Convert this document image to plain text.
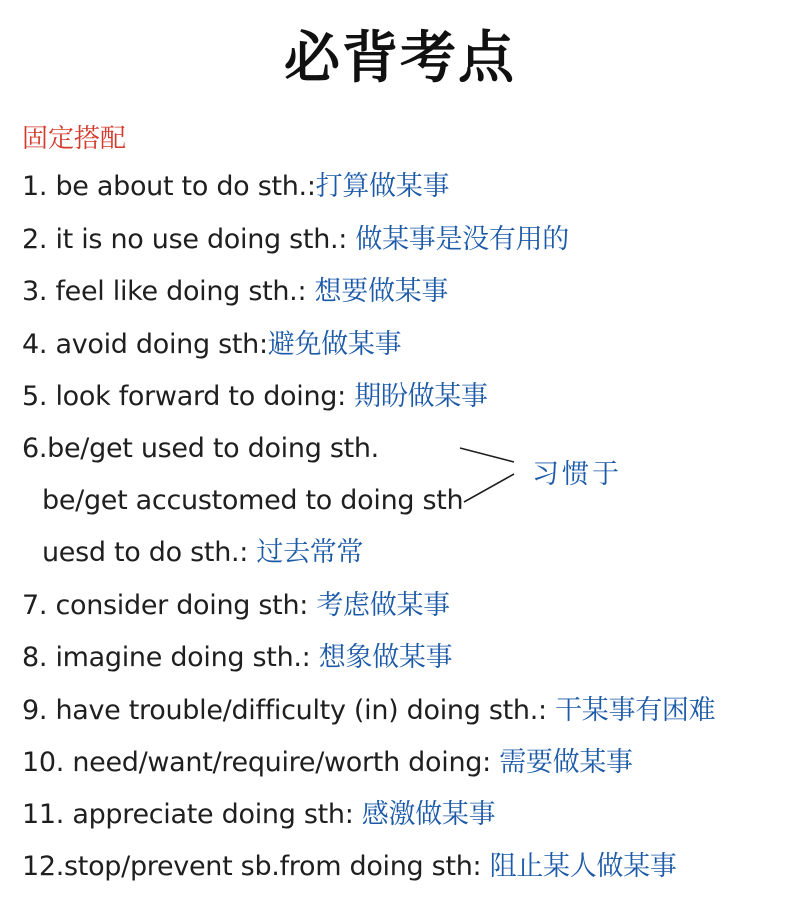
必背考点
固定搭配
1. be about to do sth.:打算做某事
2. it is no use doing sth.: 做某事是没有用的
3. feel like doing sth.: 想要做某事
4. avoid doing sth:避免做某事
5. look forward to doing: 期盼做某事
6.be/get used to doing sth.
be/get accustomed to doing sth
uesd to do sth.: 过去常常
习惯于
7. consider doing sth: 考虑做某事
8. imagine doing sth.: 想象做某事
9. have trouble/difficulty (in) doing sth.: 干某事有困难
10. need/want/require/worth doing: 需要做某事
11. appreciate doing sth: 感激做某事
12.stop/prevent sb.from doing sth: 阻止某人做某事
